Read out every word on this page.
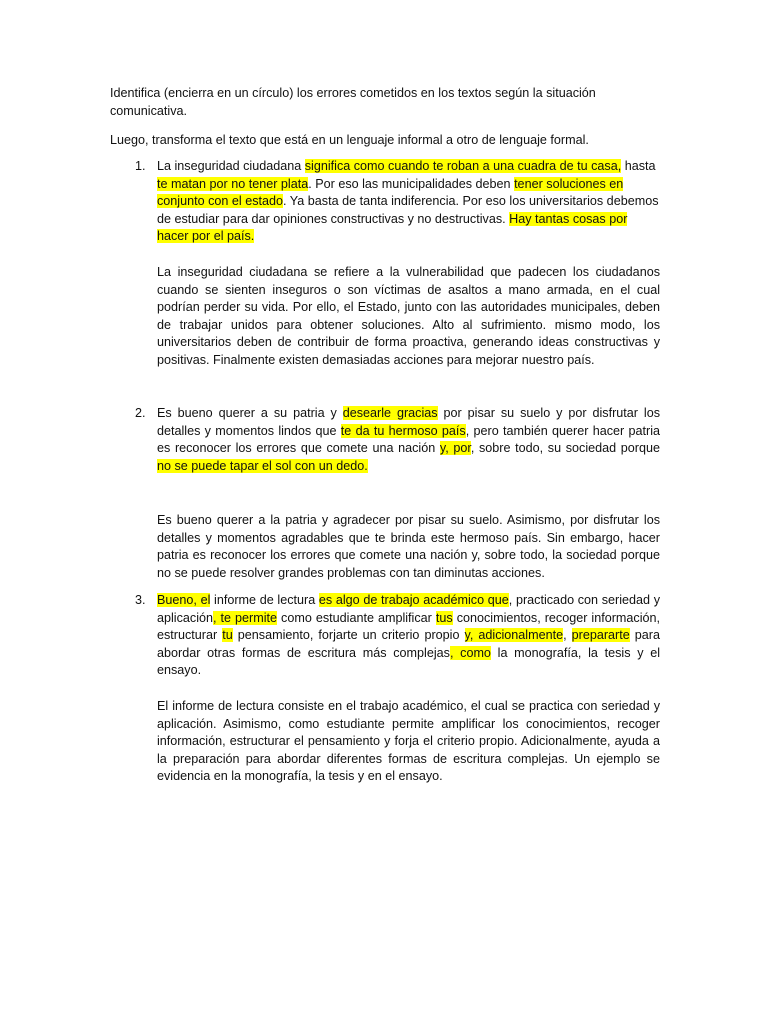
Identifica (encierra en un círculo) los errores cometidos en los textos según la situación comunicativa.

Luego, transforma el texto que está en un lenguaje informal a otro de lenguaje formal.

1. La inseguridad ciudadana significa como cuando te roban a una cuadra de tu casa, hasta te matan por no tener plata. Por eso las municipalidades deben tener soluciones en conjunto con el estado. Ya basta de tanta indiferencia. Por eso los universitarios debemos de estudiar para dar opiniones constructivas y no destructivas. Hay tantas cosas por hacer por el país.

La inseguridad ciudadana se refiere a la vulnerabilidad que padecen los ciudadanos cuando se sienten inseguros o son víctimas de asaltos a mano armada, en el cual podrían perder su vida. Por ello, el Estado, junto con las autoridades municipales, deben de trabajar unidos para obtener soluciones. Alto al sufrimiento. mismo modo, los universitarios deben de contribuir de forma proactiva, generando ideas constructivas y positivas. Finalmente existen demasiadas acciones para mejorar nuestro país.

2. Es bueno querer a su patria y desearle gracias por pisar su suelo y por disfrutar los detalles y momentos lindos que te da tu hermoso país, pero también querer hacer patria es reconocer los errores que comete una nación y, por, sobre todo, su sociedad porque no se puede tapar el sol con un dedo.

Es bueno querer a la patria y agradecer por pisar su suelo. Asimismo, por disfrutar los detalles y momentos agradables que te brinda este hermoso país. Sin embargo, hacer patria es reconocer los errores que comete una nación y, sobre todo, la sociedad porque no se puede resolver grandes problemas con tan diminutas acciones.

3. Bueno, el informe de lectura es algo de trabajo académico que, practicado con seriedad y aplicación, te permite como estudiante amplificar tus conocimientos, recoger información, estructurar tu pensamiento, forjarte un criterio propio y, adicionalmente, prepararte para abordar otras formas de escritura más complejas, como la monografía, la tesis y el ensayo.

El informe de lectura consiste en el trabajo académico, el cual se practica con seriedad y aplicación. Asimismo, como estudiante permite amplificar los conocimientos, recoger información, estructurar el pensamiento y forja el criterio propio. Adicionalmente, ayuda a la preparación para abordar diferentes formas de escritura complejas. Un ejemplo se evidencia en la monografía, la tesis y en el ensayo.
